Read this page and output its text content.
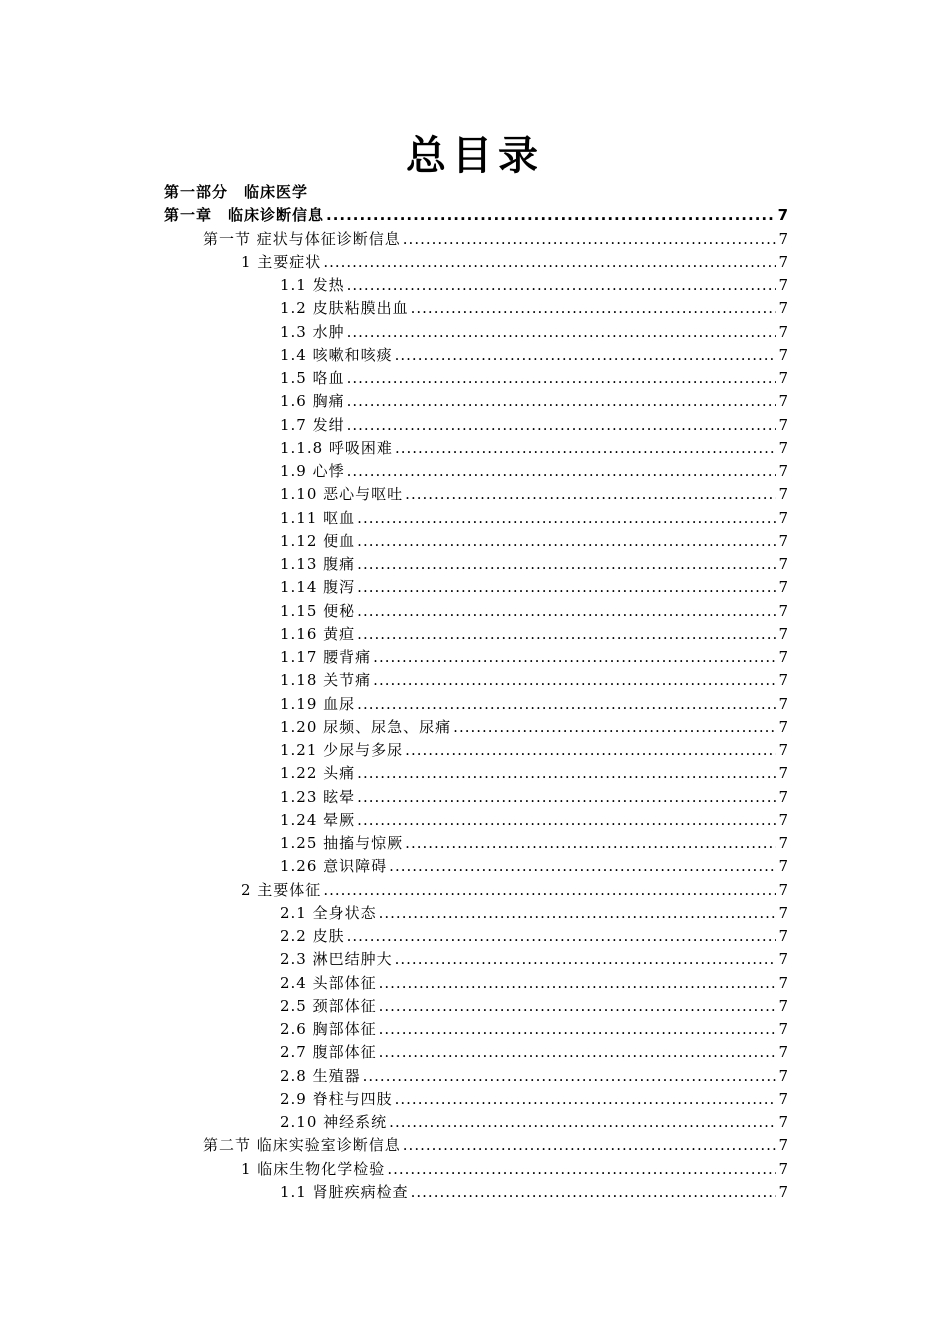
总目录
第一部分　临床医学
第一章　临床诊断信息 .....	7
第一节 症状与体征诊断信息 .....	7
1 主要症状 .....	7
1.1 发热 .....	7
1.2 皮肤粘膜出血 .....	7
1.3 水肿 .....	7
1.4 咳嗽和咳痰 .....	7
1.5 咯血 .....	7
1.6 胸痛 .....	7
1.7 发绀 .....	7
1.1.8 呼吸困难 .....	7
1.9 心悸 .....	7
1.10 恶心与呕吐 .....	7
1.11 呕血 .....	7
1.12 便血 .....	7
1.13 腹痛 .....	7
1.14 腹泻 .....	7
1.15 便秘 .....	7
1.16 黄疸 .....	7
1.17 腰背痛 .....	7
1.18 关节痛 .....	7
1.19 血尿 .....	7
1.20 尿频、尿急、尿痛 .....	7
1.21 少尿与多尿 .....	7
1.22 头痛 .....	7
1.23 眩晕 .....	7
1.24 晕厥 .....	7
1.25 抽搐与惊厥 .....	7
1.26 意识障碍 .....	7
2 主要体征 .....	7
2.1 全身状态 .....	7
2.2 皮肤 .....	7
2.3 淋巴结肿大 .....	7
2.4 头部体征 .....	7
2.5 颈部体征 .....	7
2.6 胸部体征 .....	7
2.7 腹部体征 .....	7
2.8 生殖器 .....	7
2.9 脊柱与四肢 .....	7
2.10 神经系统 .....	7
第二节 临床实验室诊断信息 .....	7
1 临床生物化学检验 .....	7
1.1 肾脏疾病检查 .....	7
